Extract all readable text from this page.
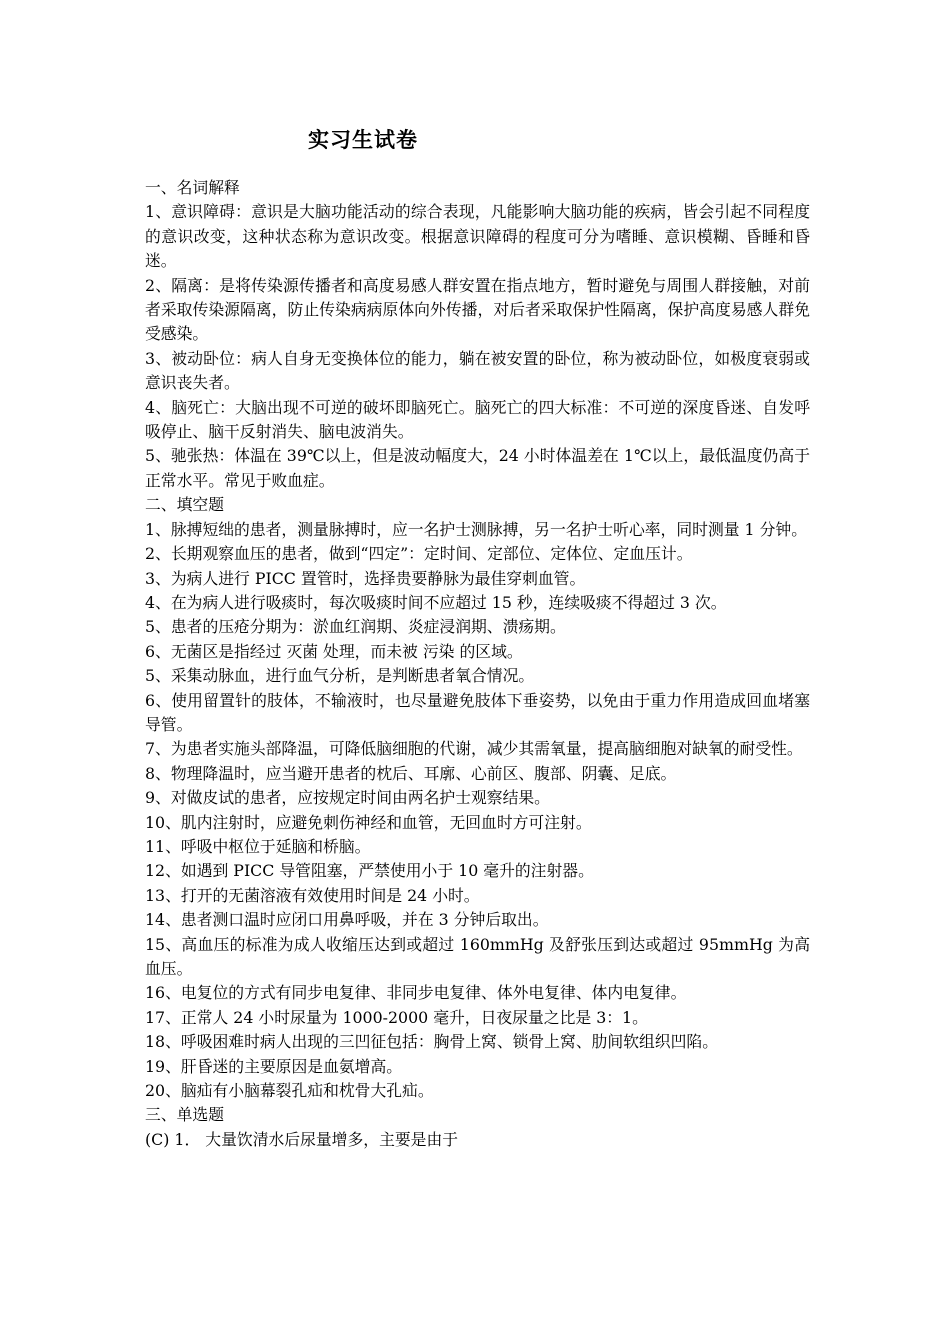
实习生试卷

一、名词解释

1、意识障碍：意识是大脑功能活动的综合表现，凡能影响大脑功能的疾病，皆会引起不同程度的意识改变，这种状态称为意识改变。根据意识障碍的程度可分为嗜睡、意识模糊、昏睡和昏迷。

2、隔离：是将传染源传播者和高度易感人群安置在指点地方，暂时避免与周围人群接触，对前者采取传染源隔离，防止传染病病原体向外传播，对后者采取保护性隔离，保护高度易感人群免受感染。

3、被动卧位：病人自身无变换体位的能力，躺在被安置的卧位，称为被动卧位，如极度衰弱或意识丧失者。

4、脑死亡：大脑出现不可逆的破坏即脑死亡。脑死亡的四大标准：不可逆的深度昏迷、自发呼吸停止、脑干反射消失、脑电波消失。

5、驰张热：体温在 39℃以上，但是波动幅度大，24 小时体温差在 1℃以上，最低温度仍高于正常水平。常见于败血症。

二、填空题

1、脉搏短绌的患者，测量脉搏时，应一名护士测脉搏，另一名护士听心率，同时测量 1 分钟。

2、长期观察血压的患者，做到“四定”：定时间、定部位、定体位、定血压计。

3、为病人进行 PICC 置管时，选择贵要静脉为最佳穿刺血管。

4、在为病人进行吸痰时，每次吸痰时间不应超过 15 秒，连续吸痰不得超过 3 次。

5、患者的压疮分期为：淤血红润期、炎症浸润期、溃疡期。

6、无菌区是指经过 灭菌 处理，而未被 污染 的区域。

5、采集动脉血，进行血气分析，是判断患者氧合情况。

6、使用留置针的肢体，不输液时，也尽量避免肢体下垂姿势，以免由于重力作用造成回血堵塞导管。

7、为患者实施头部降温，可降低脑细胞的代谢，减少其需氧量，提高脑细胞对缺氧的耐受性。

8、物理降温时，应当避开患者的枕后、耳廓、心前区、腹部、阴囊、足底。

9、对做皮试的患者，应按规定时间由两名护士观察结果。

10、肌内注射时，应避免刺伤神经和血管，无回血时方可注射。

11、呼吸中枢位于延脑和桥脑。

12、如遇到 PICC 导管阻塞，严禁使用小于 10 毫升的注射器。

13、打开的无菌溶液有效使用时间是 24 小时。

14、患者测口温时应闭口用鼻呼吸，并在 3 分钟后取出。

15、高血压的标准为成人收缩压达到或超过 160mmHg 及舒张压到达或超过 95mmHg 为高血压。

16、电复位的方式有同步电复律、非同步电复律、体外电复律、体内电复律。

17、正常人 24 小时尿量为 1000-2000 毫升，日夜尿量之比是 3：1。

18、呼吸困难时病人出现的三凹征包括：胸骨上窝、锁骨上窝、肋间软组织凹陷。

19、肝昏迷的主要原因是血氨增高。

20、脑疝有小脑幕裂孔疝和枕骨大孔疝。

三、单选题

(C) 1． 大量饮清水后尿量增多，主要是由于
